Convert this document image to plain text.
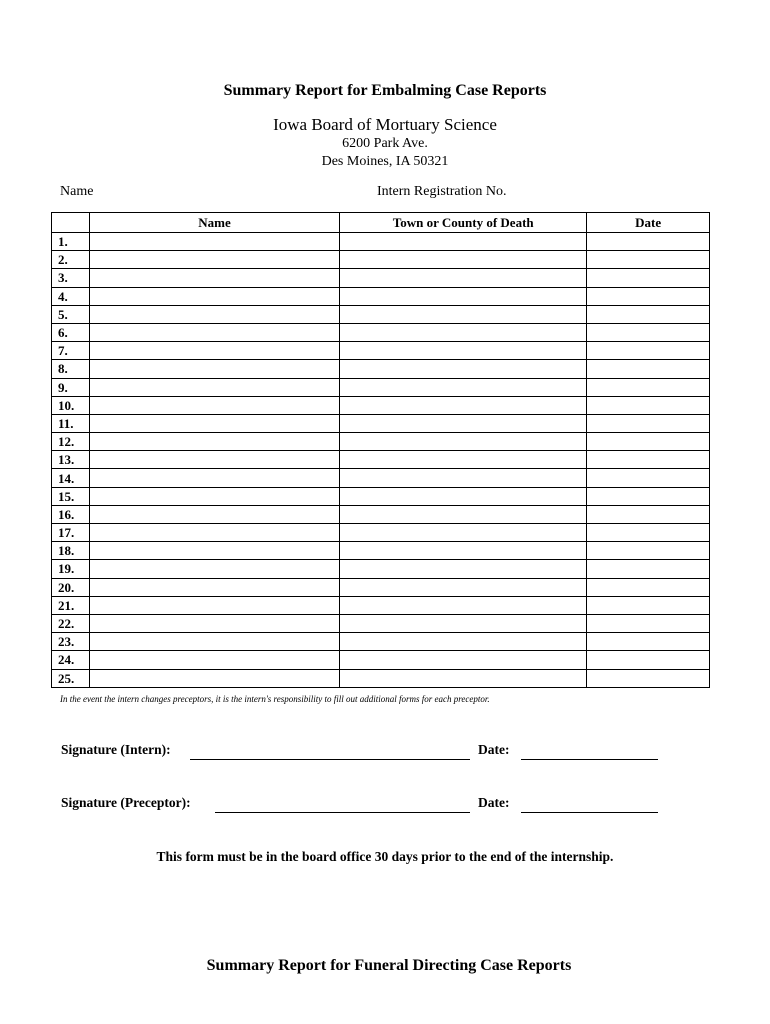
Summary Report for Embalming Case Reports
Iowa Board of Mortuary Science
6200 Park Ave.
Des Moines, IA 50321
Name	Intern Registration No.
	Name	Town or County of Death	Date
1.			
2.			
3.			
4.			
5.			
6.			
7.			
8.			
9.			
10.			
11.			
12.			
13.			
14.			
15.			
16.			
17.			
18.			
19.			
20.			
21.			
22.			
23.			
24.			
25.			
In the event the intern changes preceptors, it is the intern's responsibility to fill out additional forms for each preceptor.
Signature (Intern):	Date:
Signature (Preceptor):	Date:
This form must be in the board office 30 days prior to the end of the internship.
Summary Report for Funeral Directing Case Reports
